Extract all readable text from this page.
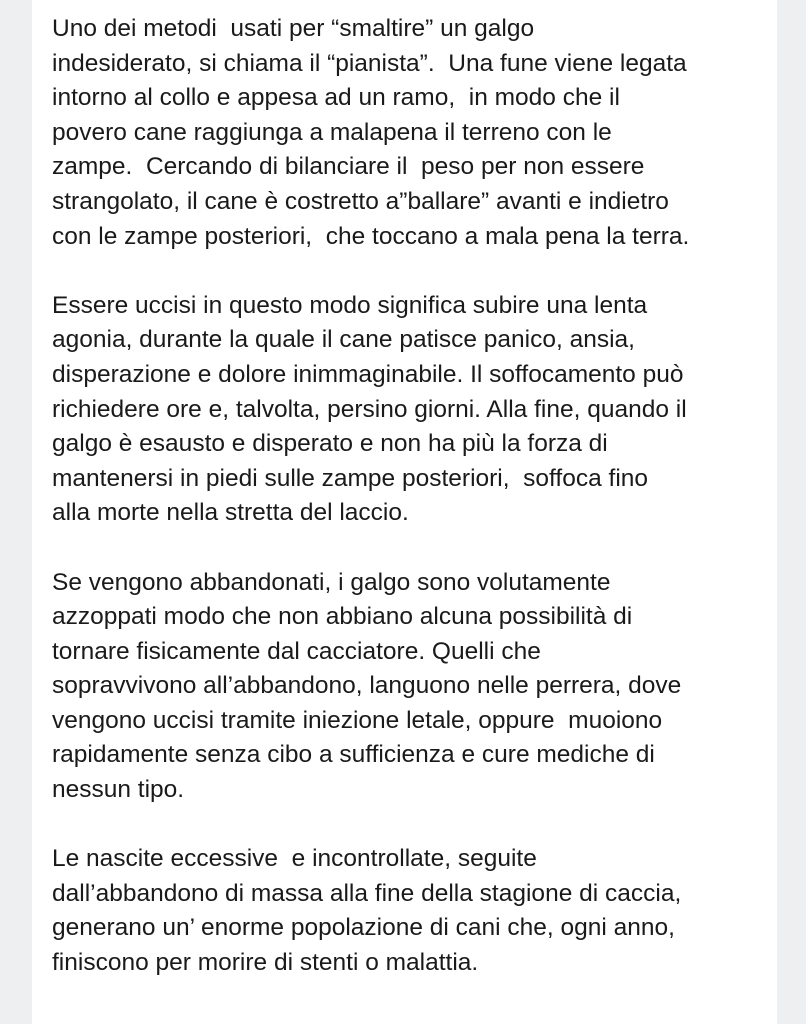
Uno dei metodi  usati per “smaltire” un galgo
indesiderato, si chiama il “pianista”.  Una fune viene legata
intorno al collo e appesa ad un ramo,  in modo che il
povero cane raggiunga a malapena il terreno con le
zampe.  Cercando di bilanciare il  peso per non essere
strangolato, il cane è costretto a”ballare” avanti e indietro
con le zampe posteriori,  che toccano a mala pena la terra.

Essere uccisi in questo modo significa subire una lenta
agonia, durante la quale il cane patisce panico, ansia,
disperazione e dolore inimmaginabile. Il soffocamento può
richiedere ore e, talvolta, persino giorni. Alla fine, quando il
galgo è esausto e disperato e non ha più la forza di
mantenersi in piedi sulle zampe posteriori,  soffoca fino
alla morte nella stretta del laccio.

Se vengono abbandonati, i galgo sono volutamente
azzoppati modo che non abbiano alcuna possibilità di
tornare fisicamente dal cacciatore. Quelli che
sopravvivono all’abbandono, languono nelle perrera, dove
vengono uccisi tramite iniezione letale, oppure  muoiono
rapidamente senza cibo a sufficienza e cure mediche di
nessun tipo.

Le nascite eccessive  e incontrollate, seguite
dall’abbandono di massa alla fine della stagione di caccia,
generano un’ enorme popolazione di cani che, ogni anno,
finiscono per morire di stenti o malattia.
